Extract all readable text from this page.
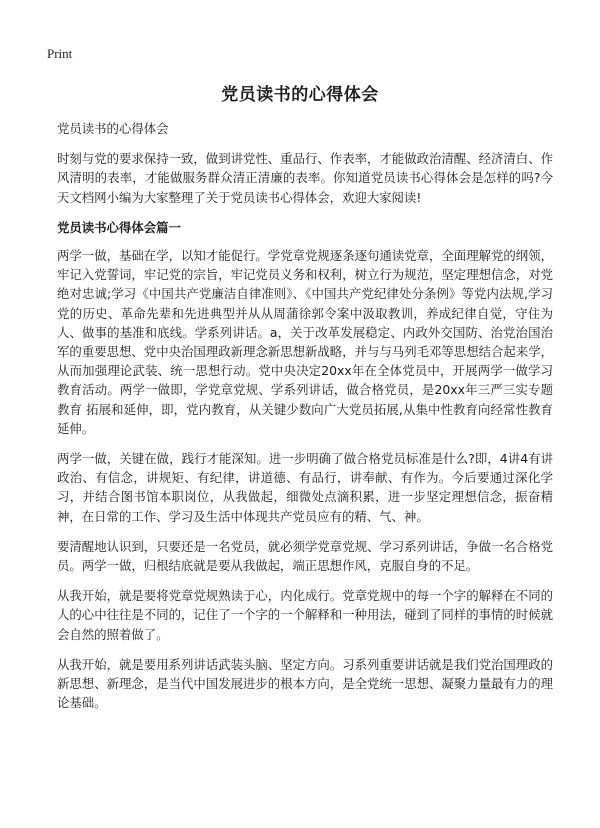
Print
党员读书的心得体会

党员读书的心得体会

时刻与党的要求保持一致，做到讲党性、重品行、作表率，才能做政治清醒、经济清白、作风清明的表率，才能做服务群众清正清廉的表率。你知道党员读书心得体会是怎样的吗?今天文档网小编为大家整理了关于党员读书心得体会，欢迎大家阅读!

党员读书心得体会篇一

两学一做，基础在学，以知才能促行。学党章党规逐条逐句通读党章，全面理解党的纲领，牢记入党誓词，牢记党的宗旨，牢记党员义务和权利，树立行为规范，坚定理想信念，对党绝对忠诚;学习《中国共产党廉洁自律准则》、《中国共产党纪律处分条例》等党内法规,学习党的历史、革命先辈和先进典型并从从周蒲徐郭令案中汲取教训，养成纪律自觉，守住为人、做事的基准和底线。学系列讲话。a，关于改革发展稳定、内政外交国防、治党治国治军的重要思想、党中央治国理政新理念新思想新战略，并与与马列毛邓等思想结合起来学，从而加强理论武装、统一思想行动。党中央决定20xx年在全体党员中，开展两学一做学习教育活动。两学一做即，学党章党规、学系列讲话，做合格党员，是20xx年三严三实专题教育 拓展和延伸，即，党内教育，从关键少数向广大党员拓展,从集中性教育向经常性教育延伸。

两学一做，关键在做，践行才能深知。进一步明确了做合格党员标准是什么?即，4讲4有讲政治、有信念，讲规矩、有纪律，讲道德、有品行，讲奉献、有作为。今后要通过深化学习，并结合图书馆本职岗位，从我做起，细微处点滴积累，进一步坚定理想信念，振奋精神，在日常的工作、学习及生活中体现共产党员应有的精、气、神。

要清醒地认识到，只要还是一名党员，就必须学党章党规、学习系列讲话，争做一名合格党员。两学一做，归根结底就是要从我做起，端正思想作风，克服自身的不足。

从我开始，就是要将党章党规熟读于心，内化成行。党章党规中的每一个字的解释在不同的人的心中往往是不同的，记住了一个字的一个解释和一种用法，碰到了同样的事情的时候就会自然的照着做了。

从我开始，就是要用系列讲话武装头脑、坚定方向。习系列重要讲话就是我们党治国理政的新思想、新理念，是当代中国发展进步的根本方向，是全党统一思想、凝聚力量最有力的理论基础。
